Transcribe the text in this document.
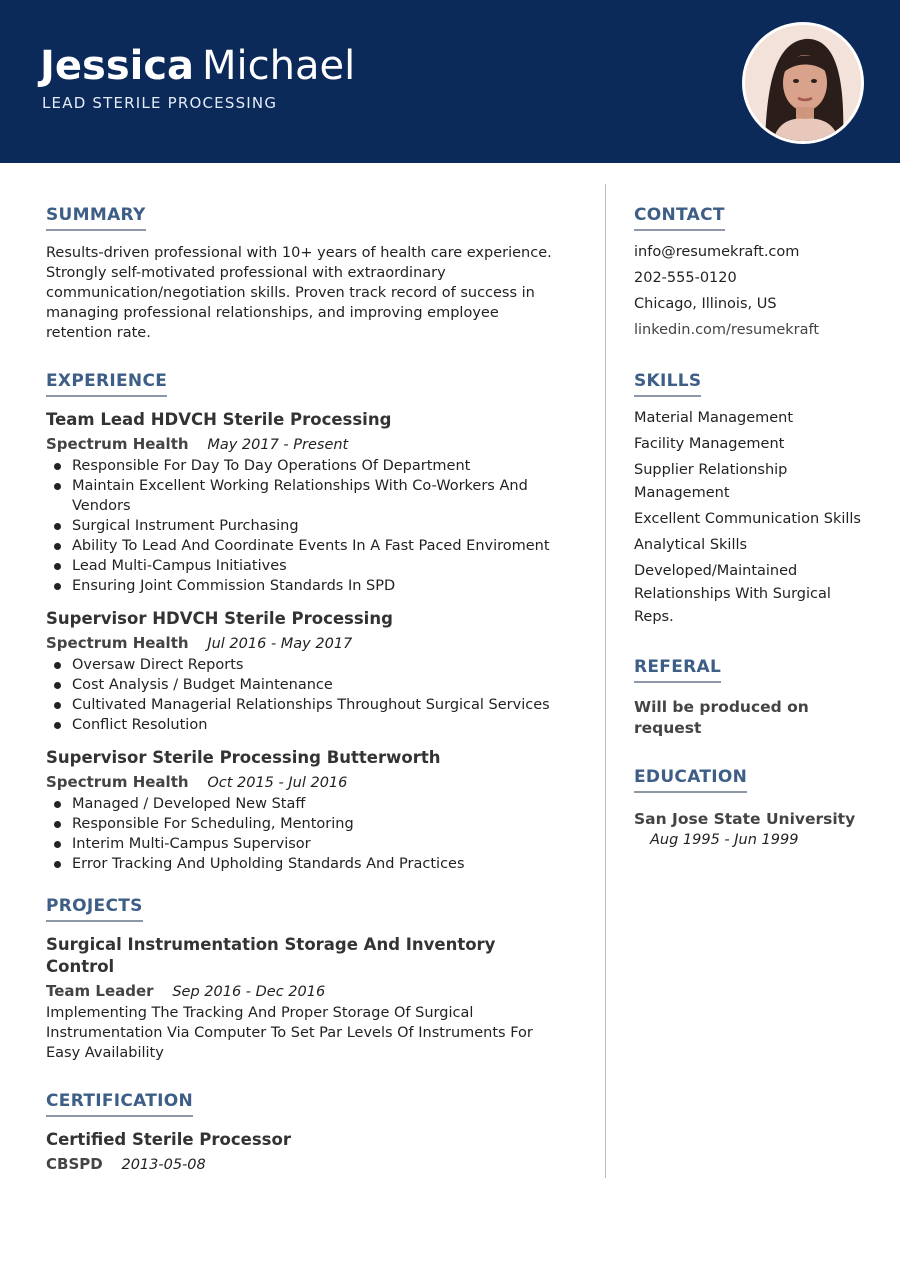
Jessica Michael
LEAD STERILE PROCESSING
SUMMARY

Results-driven professional with 10+ years of health care experience. Strongly self-motivated professional with extraordinary communication/negotiation skills. Proven track record of success in managing professional relationships, and improving employee retention rate.

EXPERIENCE
Team Lead HDVCH Sterile Processing
Spectrum Health May 2017 - Present
Responsible For Day To Day Operations Of Department
Maintain Excellent Working Relationships With Co-Workers And Vendors
Surgical Instrument Purchasing
Ability To Lead And Coordinate Events In A Fast Paced Enviroment
Lead Multi-Campus Initiatives
Ensuring Joint Commission Standards In SPD
Supervisor HDVCH Sterile Processing
Spectrum Health Jul 2016 - May 2017
Oversaw Direct Reports
Cost Analysis / Budget Maintenance
Cultivated Managerial Relationships Throughout Surgical Services
Conflict Resolution
Supervisor Sterile Processing Butterworth
Spectrum Health Oct 2015 - Jul 2016
Managed / Developed New Staff
Responsible For Scheduling, Mentoring
Interim Multi-Campus Supervisor
Error Tracking And Upholding Standards And Practices
PROJECTS
Surgical Instrumentation Storage And Inventory Control
Team Leader Sep 2016 - Dec 2016
Implementing The Tracking And Proper Storage Of Surgical Instrumentation Via Computer To Set Par Levels Of Instruments For Easy Availability
CERTIFICATION
Certified Sterile Processor
CBSPD 2013-05-08
CONTACT
info@resumekraft.com
202-555-0120
Chicago, Illinois, US
linkedin.com/resumekraft
SKILLS
Material Management
Facility Management
Supplier Relationship Management
Excellent Communication Skills
Analytical Skills
Developed/Maintained Relationships With Surgical Reps.
REFERAL
Will be produced on request
EDUCATION
San Jose State University
Aug 1995 - Jun 1999
